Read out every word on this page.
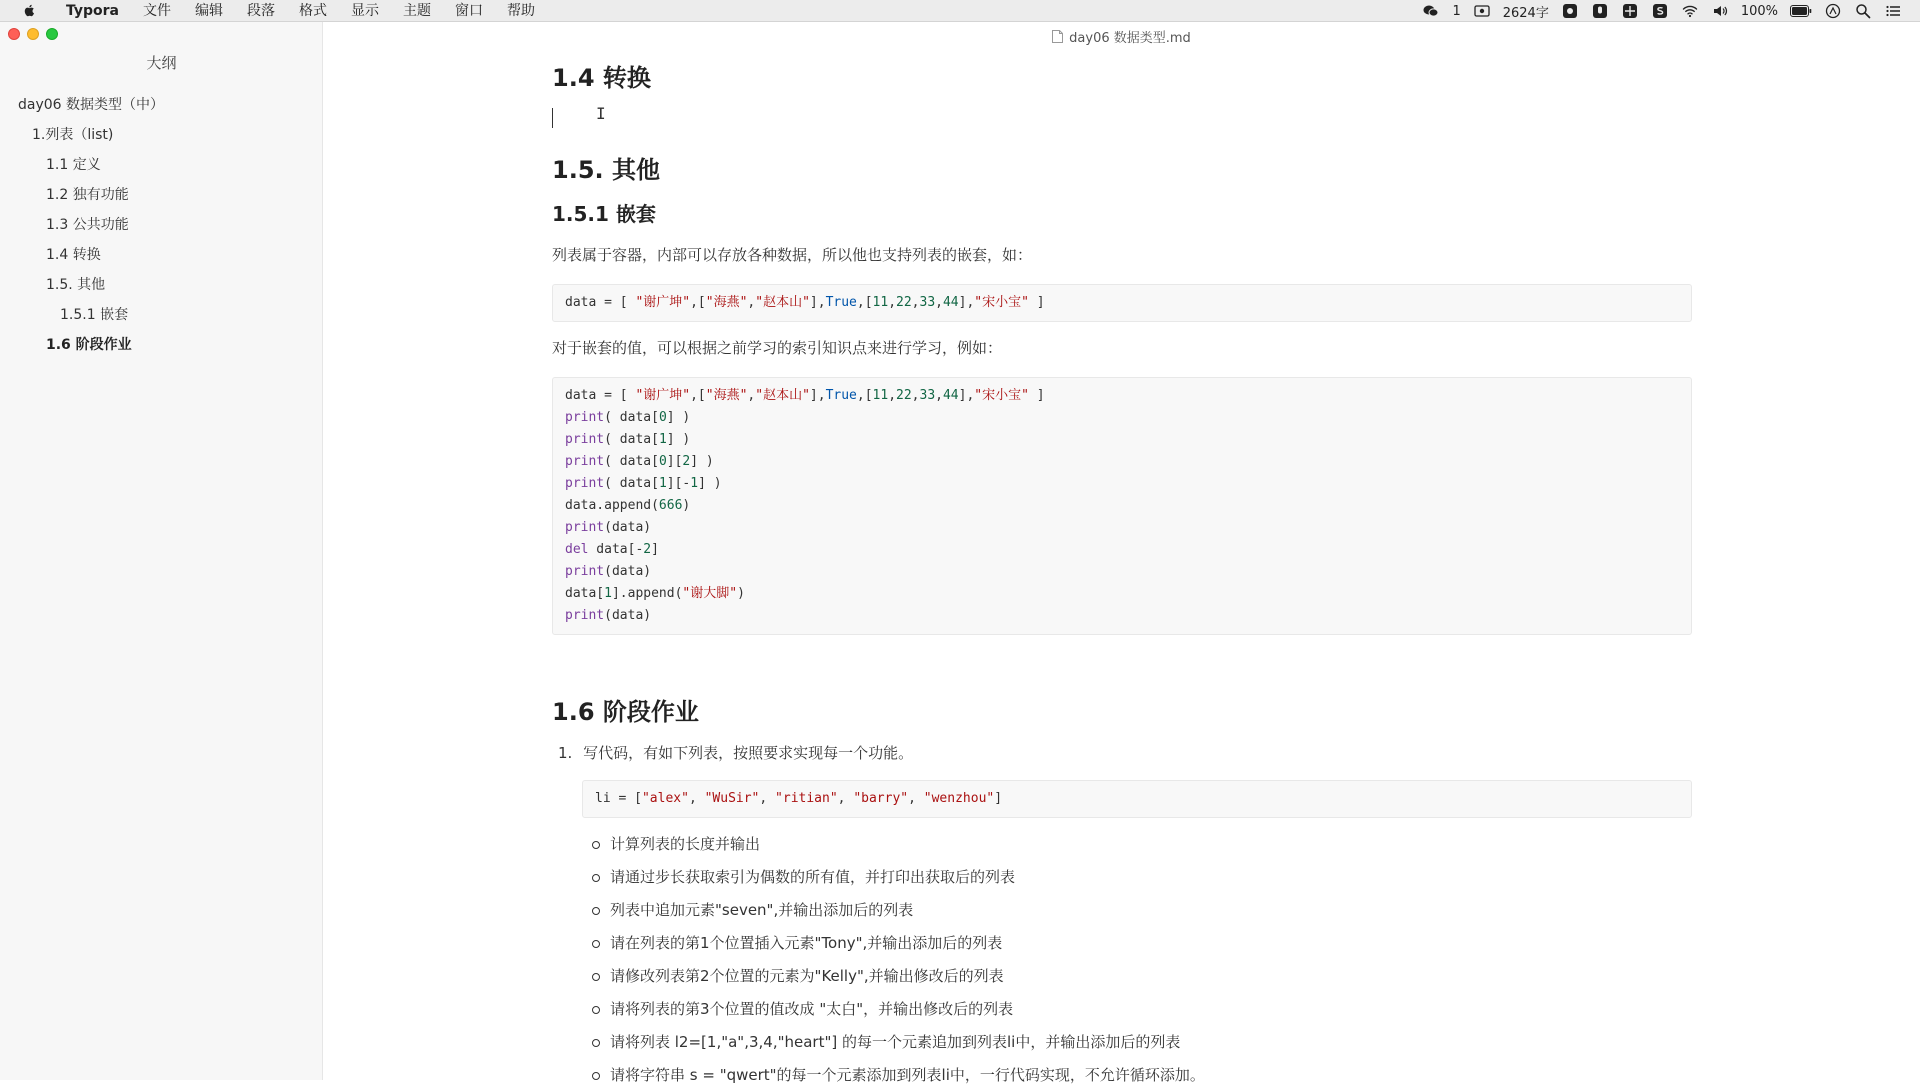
Typora	文件	编辑	段落	格式	显示	主题	窗口	帮助	1	2624字	100%
大纲
day06 数据类型（中）
1.列表（list)
1.1 定义
1.2 独有功能
1.3 公共功能
1.4 转换
1.5. 其他
1.5.1 嵌套
1.6 阶段作业
day06 数据类型.md
1.4 转换
I
1.5. 其他
1.5.1 嵌套

列表属于容器，内部可以存放各种数据，所以他也支持列表的嵌套，如：

data = [ "谢广坤",["海燕","赵本山"],True,[11,22,33,44],"宋小宝" ]

对于嵌套的值，可以根据之前学习的索引知识点来进行学习，例如：

data = [ "谢广坤",["海燕","赵本山"],True,[11,22,33,44],"宋小宝" ]
print( data[0] )
print( data[1] )
print( data[0][2] )
print( data[1][-1] )
data.append(666)
print(data)
del data[-2]
print(data)
data[1].append("谢大脚")
print(data)
1.6 阶段作业

1. 写代码，有如下列表，按照要求实现每一个功能。

li = ["alex", "WuSir", "ritian", "barry", "wenzhou"]
计算列表的长度并输出
请通过步长获取索引为偶数的所有值，并打印出获取后的列表
列表中追加元素"seven",并输出添加后的列表
请在列表的第1个位置插入元素"Tony",并输出添加后的列表
请修改列表第2个位置的元素为"Kelly",并输出修改后的列表
请将列表的第3个位置的值改成 "太白"，并输出修改后的列表
请将列表 l2=[1,"a",3,4,"heart"] 的每一个元素追加到列表li中，并输出添加后的列表
请将字符串 s = "qwert"的每一个元素添加到列表li中，一行代码实现，不允许循环添加。
